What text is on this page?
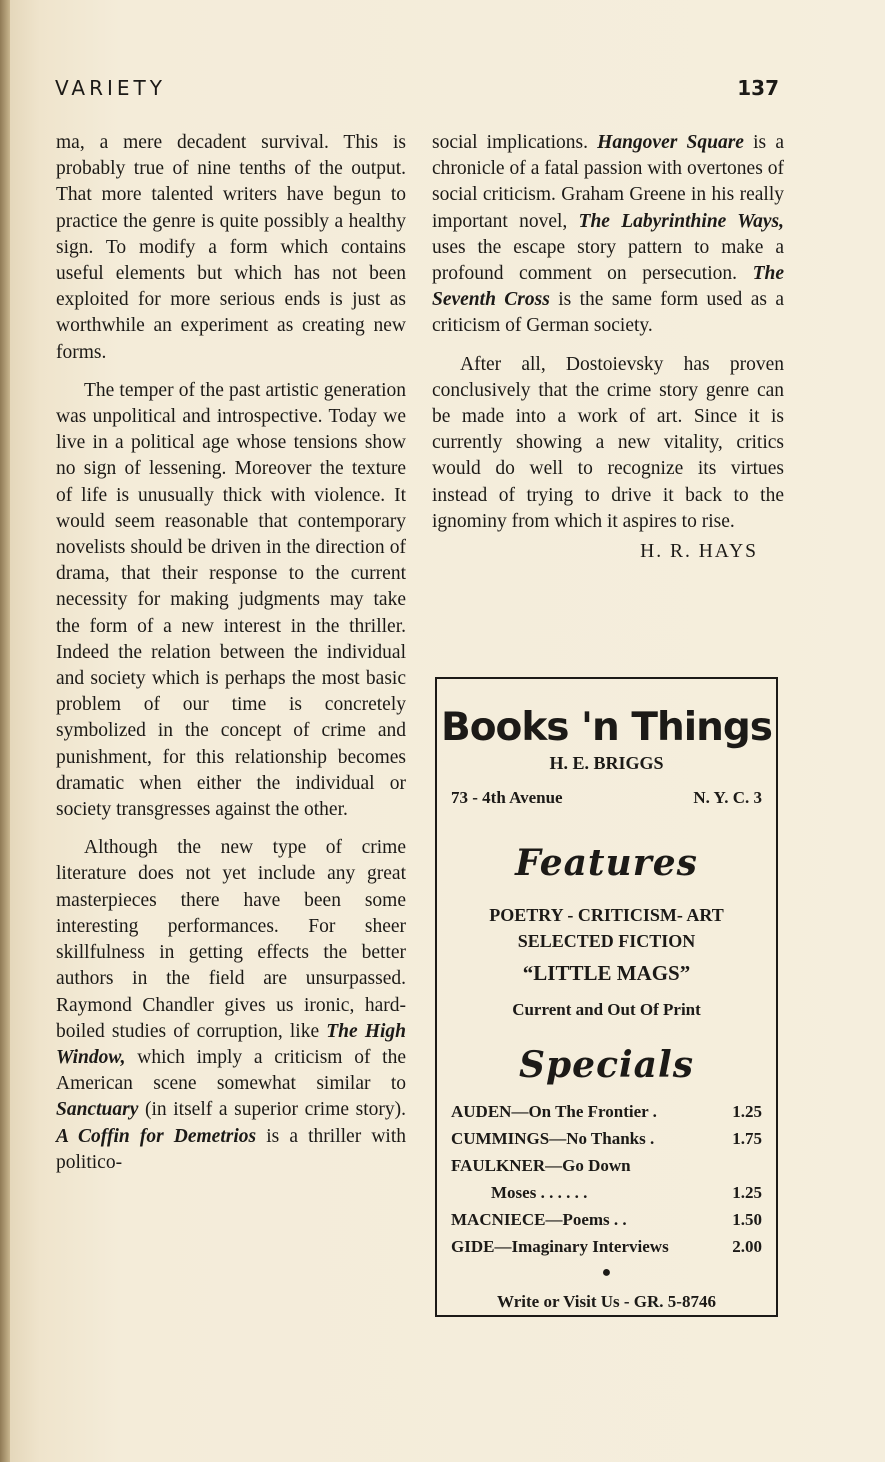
VARIETY	137

ma, a mere decadent survival. This is probably true of nine tenths of the output. That more talented writers have begun to practice the genre is quite possibly a healthy sign. To modify a form which contains useful elements but which has not been exploited for more serious ends is just as worthwhile an experiment as creating new forms.

The temper of the past artistic generation was unpolitical and introspective. Today we live in a political age whose tensions show no sign of lessening. Moreover the texture of life is unusually thick with violence. It would seem reasonable that contemporary novelists should be driven in the direction of drama, that their response to the current necessity for making judgments may take the form of a new interest in the thriller. Indeed the relation between the individual and society which is perhaps the most basic problem of our time is concretely symbolized in the concept of crime and punishment, for this relationship becomes dramatic when either the individual or society transgresses against the other.

Although the new type of crime literature does not yet include any great masterpieces there have been some interesting performances. For sheer skillfulness in getting effects the better authors in the field are unsurpassed. Raymond Chandler gives us ironic, hard-boiled studies of corruption, like The High Window, which imply a criticism of the American scene somewhat similar to Sanctuary (in itself a superior crime story). A Coffin for Demetrios is a thriller with politico-

social implications. Hangover Square is a chronicle of a fatal passion with overtones of social criticism. Graham Greene in his really important novel, The Labyrinthine Ways, uses the escape story pattern to make a profound comment on persecution. The Seventh Cross is the same form used as a criticism of German society.

After all, Dostoievsky has proven conclusively that the crime story genre can be made into a work of art. Since it is currently showing a new vitality, critics would do well to recognize its virtues instead of trying to drive it back to the ignominy from which it aspires to rise.

H. R. HAYS
Books 'n Things
H. E. BRIGGS
73 - 4th Avenue	N. Y. C. 3
Features
POETRY - CRITICISM- ART
SELECTED FICTION
“LITTLE MAGS”
Current and Out Of Print
Specials
AUDEN—On The Frontier .	1.25
CUMMINGS—No Thanks .	1.75
FAULKNER—Go Down
Moses . . . . . .	1.25
MACNIECE—Poems . .	1.50
GIDE—Imaginary Interviews	2.00
●
Write or Visit Us - GR. 5-8746
